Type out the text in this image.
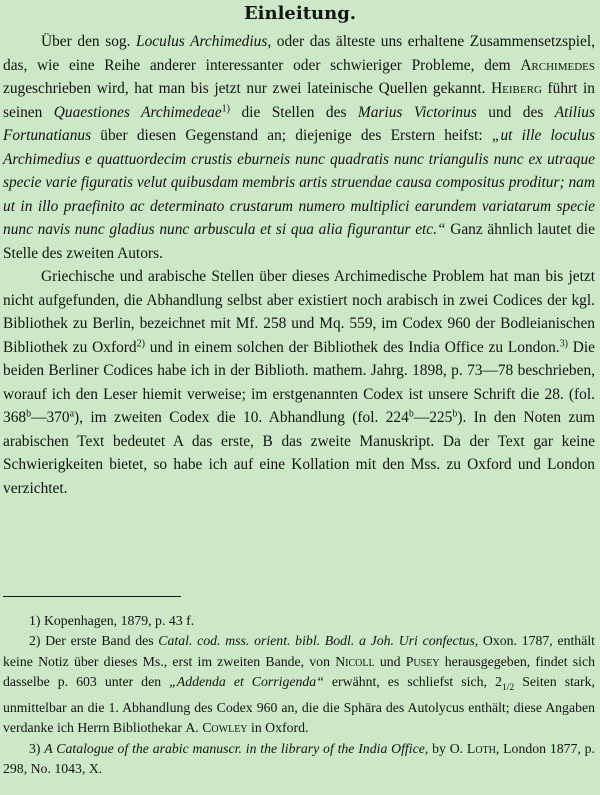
Einleitung.

Über den sog. Loculus Archimedius, oder das älteste uns erhaltene Zusammensetzspiel, das, wie eine Reihe anderer interessanter oder schwieriger Probleme, dem Archimedes zugeschrieben wird, hat man bis jetzt nur zwei lateinische Quellen gekannt. Heiberg führt in seinen Quaestiones Archimedeae$^{1)}$ die Stellen des Marius Victorinus und des Atilius Fortunatianus über diesen Gegenstand an; diejenige des Erstern heifst: „ut ille loculus Archimedius e quattuordecim crustis eburneis nunc quadratis nunc triangulis nunc ex utraque specie varie figuratis velut quibusdam membris artis struendae causa compositus proditur; nam ut in illo praefinito ac determinato crustarum numero multiplici earundem variatarum specie nunc navis nunc gladius nunc arbuscula et si qua alia figurantur etc.“ Ganz ähnlich lautet die Stelle des zweiten Autors.

Griechische und arabische Stellen über dieses Archimedische Problem hat man bis jetzt nicht aufgefunden, die Abhandlung selbst aber existiert noch arabisch in zwei Codices der kgl. Bibliothek zu Berlin, bezeichnet mit Mf. 258 und Mq. 559, im Codex 960 der Bodleianischen Bibliothek zu Oxford$^{2)}$ und in einem solchen der Bibliothek des India Office zu London.$^{3)}$ Die beiden Berliner Codices habe ich in der Biblioth. mathem. Jahrg. 1898, p. 73—78 beschrieben, worauf ich den Leser hiemit verweise; im erstgenannten Codex ist unsere Schrift die 28. (fol. 368$^b$—370$^a$), im zweiten Codex die 10. Abhandlung (fol. 224$^b$—225$^b$). In den Noten zum arabischen Text bedeutet A das erste, B das zweite Manuskript. Da der Text gar keine Schwierigkeiten bietet, so habe ich auf eine Kollation mit den Mss. zu Oxford und London verzichtet.

1) Kopenhagen, 1879, p. 43 f.

2) Der erste Band des Catal. cod. mss. orient. bibl. Bodl. a Joh. Uri confectus, Oxon. 1787, enthält keine Notiz über dieses Ms., erst im zweiten Bande, von Nicoll und Pusey herausgegeben, findet sich dasselbe p. 603 unter den „Addenda et Corrigenda“ erwähnt, es schliefst sich, $2_{1/2}$ Seiten stark, unmittelbar an die 1. Abhandlung des Codex 960 an, die die Sphära des Autolycus enthält; diese Angaben verdanke ich Herrn Bibliothekar A. Cowley in Oxford.

3) A Catalogue of the arabic manuscr. in the library of the India Office, by O. Loth, London 1877, p. 298, No. 1043, X.
